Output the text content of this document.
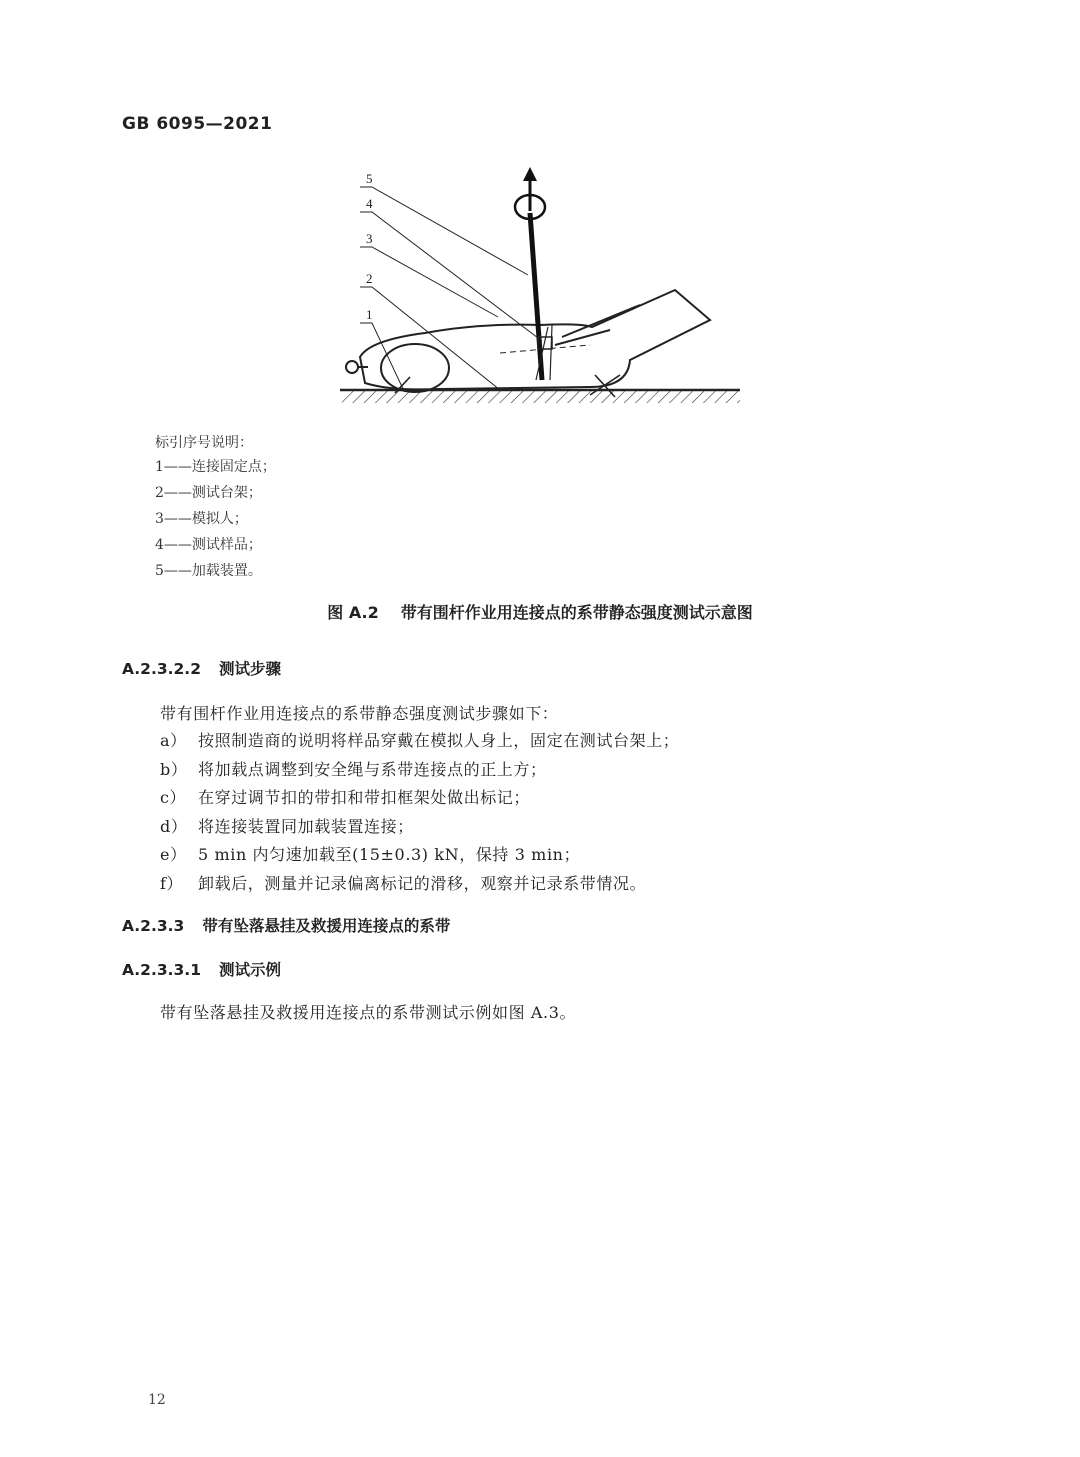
GB 6095—2021
5
4
3
2
1
标引序号说明：
1——连接固定点；
2——测试台架；
3——模拟人；
4——测试样品；
5——加载装置。
图 A.2 带有围杆作业用连接点的系带静态强度测试示意图
A.2.3.2.2 测试步骤
带有围杆作业用连接点的系带静态强度测试步骤如下：
a） 按照制造商的说明将样品穿戴在模拟人身上，固定在测试台架上；
b） 将加载点调整到安全绳与系带连接点的正上方；
c） 在穿过调节扣的带扣和带扣框架处做出标记；
d） 将连接装置同加载装置连接；
e） 5 min 内匀速加载至(15±0.3) kN，保持 3 min；
f） 卸载后，测量并记录偏离标记的滑移，观察并记录系带情况。
A.2.3.3 带有坠落悬挂及救援用连接点的系带
A.2.3.3.1 测试示例
带有坠落悬挂及救援用连接点的系带测试示例如图 A.3。
12
